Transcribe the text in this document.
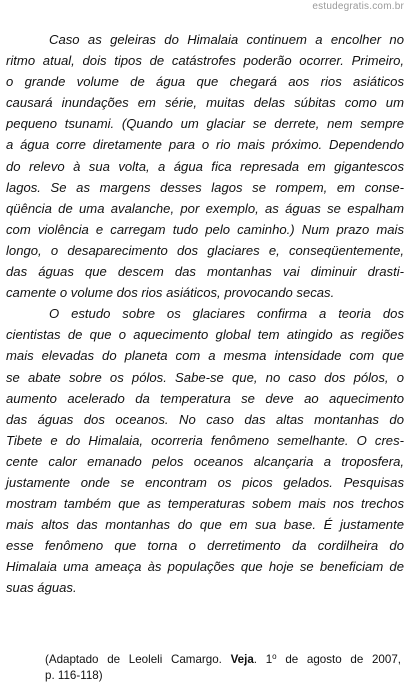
estudegratis.com.br
Caso as geleiras do Himalaia continuem a encolher no
ritmo atual, dois tipos de catástrofes poderão ocorrer. Primeiro,
o grande volume de água que chegará aos rios asiáticos
causará inundações em série, muitas delas súbitas como um
pequeno tsunami. (Quando um glaciar se derrete, nem sempre
a água corre diretamente para o rio mais próximo. Dependendo
do relevo à sua volta, a água fica represada em gigantescos
lagos. Se as margens desses lagos se rompem, em conse-
qüência de uma avalanche, por exemplo, as águas se espalham
com violência e carregam tudo pelo caminho.) Num prazo mais
longo, o desaparecimento dos glaciares e, conseqüentemente,
das águas que descem das montanhas vai diminuir drasti-
camente o volume dos rios asiáticos, provocando secas.
O estudo sobre os glaciares confirma a teoria dos
cientistas de que o aquecimento global tem atingido as regiões
mais elevadas do planeta com a mesma intensidade com que
se abate sobre os pólos. Sabe-se que, no caso dos pólos, o
aumento acelerado da temperatura se deve ao aquecimento
das águas dos oceanos. No caso das altas montanhas do
Tibete e do Himalaia, ocorreria fenômeno semelhante. O cres-
cente calor emanado pelos oceanos alcançaria a troposfera,
justamente onde se encontram os picos gelados. Pesquisas
mostram também que as temperaturas sobem mais nos trechos
mais altos das montanhas do que em sua base. É justamente
esse fenômeno que torna o derretimento da cordilheira do
Himalaia uma ameaça às populações que hoje se beneficiam de
suas águas.
(Adaptado de Leoleli Camargo. Veja. 1$^o$ de agosto de 2007,
p. 116-118)
